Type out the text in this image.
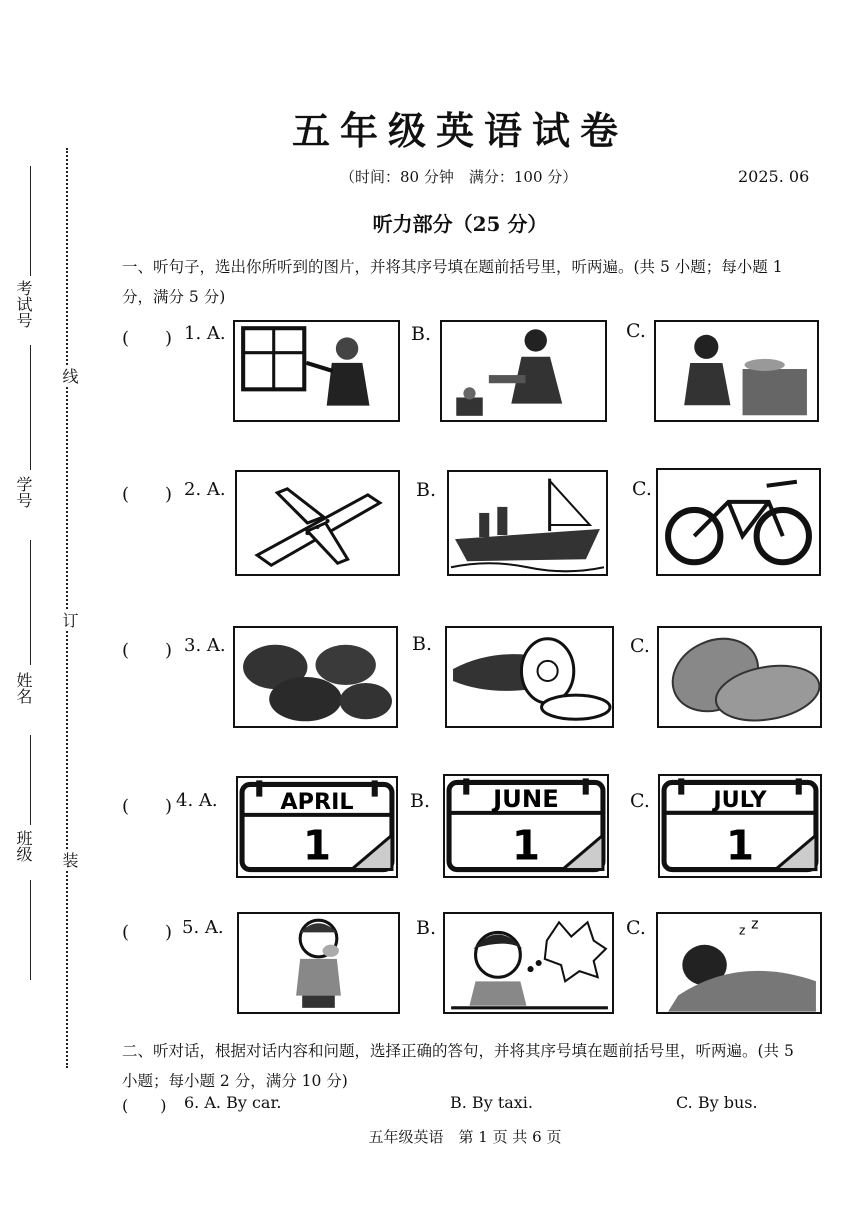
考试号
学号
姓名
班级
线
订
装
五年级英语试卷
（时间：80 分钟　满分：100 分）	2025. 06
听力部分（25 分）
一、听句子，选出你所听到的图片，并将其序号填在题前括号里，听两遍。(共 5 小题；每小题 1 分，满分 5 分)
(　　) 1. A.	B.	C.
(　　) 2. A.	B.	C.
(　　) 3. A.	B.	C.
(　　) 4. A.	APRIL
1
B.	JUNE
1
C.	JULY
1
(　　) 5. A.	B.	C.	z z
二、听对话，根据对话内容和问题，选择正确的答句，并将其序号填在题前括号里，听两遍。(共 5 小题；每小题 2 分，满分 10 分)
(　　) 6. A. By car.	B. By taxi.	C. By bus.
五年级英语　第 1 页 共 6 页
